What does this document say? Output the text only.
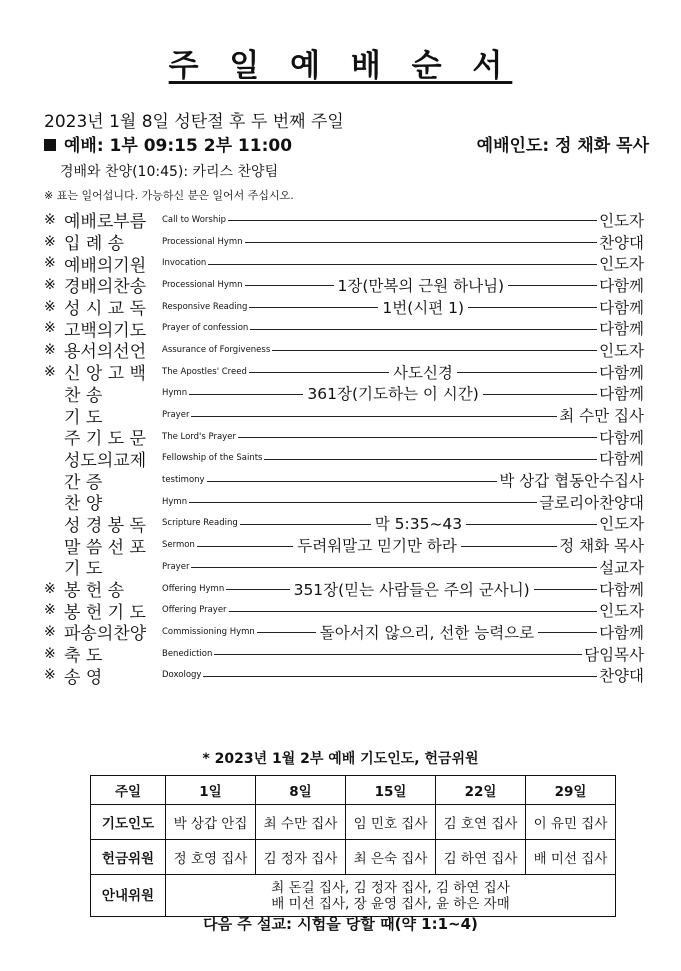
주 일 예 배 순 서
2023년 1월 8일 성탄절 후 두 번째 주일
예배: 1부 09:15 2부 11:00	예배인도: 정 채화 목사
경배와 찬양(10:45): 카리스 찬양팀
※ 표는 일어섭니다. 가능하신 분은 일어서 주십시오.
※ 예배로부름	Call to Worship	인도자
※ 입 례 송	Processional Hymn	찬양대
※ 예배의기원	Invocation	인도자
※ 경배의찬송	Processional Hymn	1장(만복의 근원 하나님)	다함께
※ 성 시 교 독	Responsive Reading	1번(시편 1)	다함께
※ 고백의기도	Prayer of confession	다함께
※ 용서의선언	Assurance of Forgiveness	인도자
※ 신 앙 고 백	The Apostles' Creed	사도신경	다함께
찬 송	Hymn	361장(기도하는 이 시간)	다함께
기 도	Prayer	최 수만 집사
주 기 도 문	The Lord's Prayer	다함께
성도의교제	Fellowship of the Saints	다함께
간 증	testimony	박 상갑 협동안수집사
찬 양	Hymn	글로리아찬양대
성 경 봉 독	Scripture Reading	막 5:35~43	인도자
말 씀 선 포	Sermon	두려워말고 믿기만 하라	정 채화 목사
기 도	Prayer	설교자
※ 봉 헌 송	Offering Hymn	351장(믿는 사람들은 주의 군사니)	다함께
※ 봉 헌 기 도	Offering Prayer	인도자
※ 파송의찬양	Commissioning Hymn	돌아서지 않으리, 선한 능력으로	다함께
※ 축 도	Benediction	담임목사
※ 송 영	Doxology	찬양대
* 2023년 1월 2부 예배 기도인도, 헌금위원
주일	1일	8일	15일	22일	29일
기도인도	박 상갑 안집	최 수만 집사	임 민호 집사	김 호연 집사	이 유민 집사
헌금위원	정 호영 집사	김 정자 집사	최 은숙 집사	김 하연 집사	배 미선 집사
안내위원	최 돈길 집사, 김 정자 집사, 김 하연 집사
배 미선 집사, 장 윤영 집사, 윤 하은 자매				
다음 주 설교: 시험을 당할 때(약 1:1~4)
